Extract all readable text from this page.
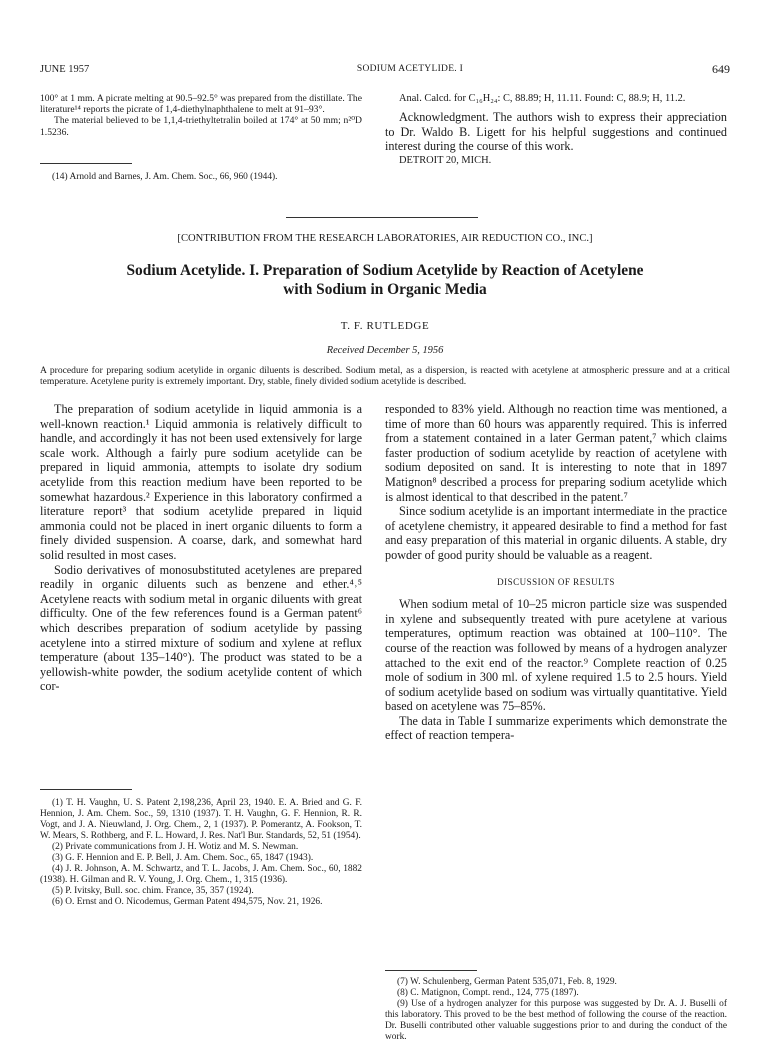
JUNE 1957	SODIUM ACETYLIDE. I	649

100° at 1 mm. A picrate melting at 90.5–92.5° was prepared from the distillate. The literature¹⁴ reports the picrate of 1,4-diethylnaphthalene to melt at 91–93°.

The material believed to be 1,1,4-triethyltetralin boiled at 174° at 50 mm; n²⁰D 1.5236.

(14) Arnold and Barnes, J. Am. Chem. Soc., 66, 960 (1944).

Anal. Calcd. for C₁₆H₂₄: C, 88.89; H, 11.11. Found: C, 88.9; H, 11.2.

Acknowledgment. The authors wish to express their appreciation to Dr. Waldo B. Ligett for his helpful suggestions and continued interest during the course of this work.

DETROIT 20, MICH.

[CONTRIBUTION FROM THE RESEARCH LABORATORIES, AIR REDUCTION CO., INC.]
Sodium Acetylide. I. Preparation of Sodium Acetylide by Reaction of Acetylene
with Sodium in Organic Media
T. F. RUTLEDGE
Received December 5, 1956
A procedure for preparing sodium acetylide in organic diluents is described. Sodium metal, as a dispersion, is reacted with acetylene at atmospheric pressure and at a critical temperature. Acetylene purity is extremely important. Dry, stable, finely divided sodium acetylide is described.

The preparation of sodium acetylide in liquid ammonia is a well-known reaction.¹ Liquid ammonia is relatively difficult to handle, and accordingly it has not been used extensively for large scale work. Although a fairly pure sodium acetylide can be prepared in liquid ammonia, attempts to isolate dry sodium acetylide from this reaction medium have been reported to be somewhat hazardous.² Experience in this laboratory confirmed a literature report³ that sodium acetylide prepared in liquid ammonia could not be placed in inert organic diluents to form a finely divided suspension. A coarse, dark, and somewhat hard solid resulted in most cases.

Sodio derivatives of monosubstituted acetylenes are prepared readily in organic diluents such as benzene and ether.⁴˒⁵ Acetylene reacts with sodium metal in organic diluents with great difficulty. One of the few references found is a German patent⁶ which describes preparation of sodium acetylide by passing acetylene into a stirred mixture of sodium and xylene at reflux temperature (about 135–140°). The product was stated to be a yellowish-white powder, the sodium acetylide content of which cor-

(1) T. H. Vaughn, U. S. Patent 2,198,236, April 23, 1940. E. A. Bried and G. F. Hennion, J. Am. Chem. Soc., 59, 1310 (1937). T. H. Vaughn, G. F. Hennion, R. R. Vogt, and J. A. Nieuwland, J. Org. Chem., 2, 1 (1937). P. Pomerantz, A. Fookson, T. W. Mears, S. Rothberg, and F. L. Howard, J. Res. Nat'l Bur. Standards, 52, 51 (1954).

(2) Private communications from J. H. Wotiz and M. S. Newman.

(3) G. F. Hennion and E. P. Bell, J. Am. Chem. Soc., 65, 1847 (1943).

(4) J. R. Johnson, A. M. Schwartz, and T. L. Jacobs, J. Am. Chem. Soc., 60, 1882 (1938). H. Gilman and R. V. Young, J. Org. Chem., 1, 315 (1936).

(5) P. Ivitsky, Bull. soc. chim. France, 35, 357 (1924).

(6) O. Ernst and O. Nicodemus, German Patent 494,575, Nov. 21, 1926.

responded to 83% yield. Although no reaction time was mentioned, a time of more than 60 hours was apparently required. This is inferred from a statement contained in a later German patent,⁷ which claims faster production of sodium acetylide by reaction of acetylene with sodium deposited on sand. It is interesting to note that in 1897 Matignon⁸ described a process for preparing sodium acetylide which is almost identical to that described in the patent.⁷

Since sodium acetylide is an important intermediate in the practice of acetylene chemistry, it appeared desirable to find a method for fast and easy preparation of this material in organic diluents. A stable, dry powder of good purity should be valuable as a reagent.

DISCUSSION OF RESULTS

When sodium metal of 10–25 micron particle size was suspended in xylene and subsequently treated with pure acetylene at various temperatures, optimum reaction was obtained at 100–110°. The course of the reaction was followed by means of a hydrogen analyzer attached to the exit end of the reactor.⁹ Complete reaction of 0.25 mole of sodium in 300 ml. of xylene required 1.5 to 2.5 hours. Yield of sodium acetylide based on sodium was virtually quantitative. Yield based on acetylene was 75–85%.

The data in Table I summarize experiments which demonstrate the effect of reaction tempera-

(7) W. Schulenberg, German Patent 535,071, Feb. 8, 1929.

(8) C. Matignon, Compt. rend., 124, 775 (1897).

(9) Use of a hydrogen analyzer for this purpose was suggested by Dr. A. J. Buselli of this laboratory. This proved to be the best method of following the course of the reaction. Dr. Buselli contributed other valuable suggestions prior to and during the conduct of the work.
